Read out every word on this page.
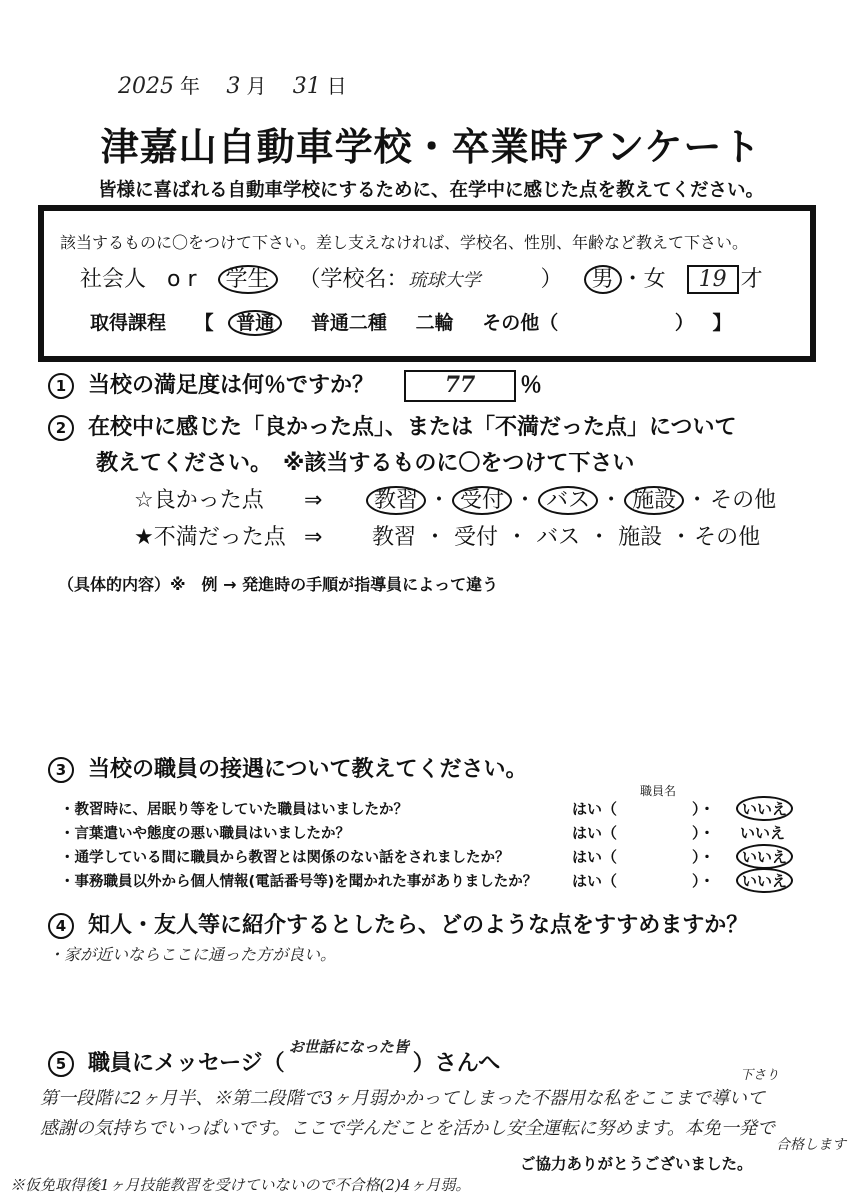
2025 年 3 月 31 日
津嘉山自動車学校・卒業時アンケート
皆様に喜ばれる自動車学校にするために、在学中に感じた点を教えてください。
該当するものに〇をつけて下さい。差し支えなければ、学校名、性別、年齢など教えて下さい。
社会人 o r 学生 （学校名：琉球大学	） 男 ・女 19 才
取得課程 【 普通 普通二種 二輪 その他（	） 】
1 当校の満足度は何％ですか？	77 ％
2 在校中に感じた「良かった点」、または「不満だった点」について
教えてください。　※該当するものに〇をつけて下さい
☆良かった点 ⇒ 教習 ・ 受付 ・ バス ・ 施設 ・その他
★不満だった点 ⇒ 教習 ・ 受付 ・ バス ・ 施設 ・その他
（具体的内容）※　例 → 発進時の手順が指導員によって違う
3 当校の職員の接遇について教えてください。
職員名
・教習時に、居眠り等をしていた職員はいましたか？	はい（　　　　　）・	いいえ
・言葉遣いや態度の悪い職員はいましたか？	はい（　　　　　）・ いいえ
・通学している間に職員から教習とは関係のない話をされましたか？	はい（　　　　　）・	いいえ
・事務職員以外から個人情報(電話番号等)を聞かれた事がありましたか？ はい（　　　　　）・	いいえ
4 知人・友人等に紹介するとしたら、どのような点をすすめますか？
・家が近いならここに通った方が良い。
5 職員にメッセージ（$^{お世話になった皆}$）さんへ	下さり
第一段階に2ヶ月半、※第二段階で3ヶ月弱かかってしまった不器用な私をここまで導いて
感謝の気持ちでいっぱいです。ここで学んだことを活かし安全運転に努めます。本免一発で
合格します
ご協力ありがとうございました。
※仮免取得後1ヶ月技能教習を受けていないので不合格(2)4ヶ月弱。
